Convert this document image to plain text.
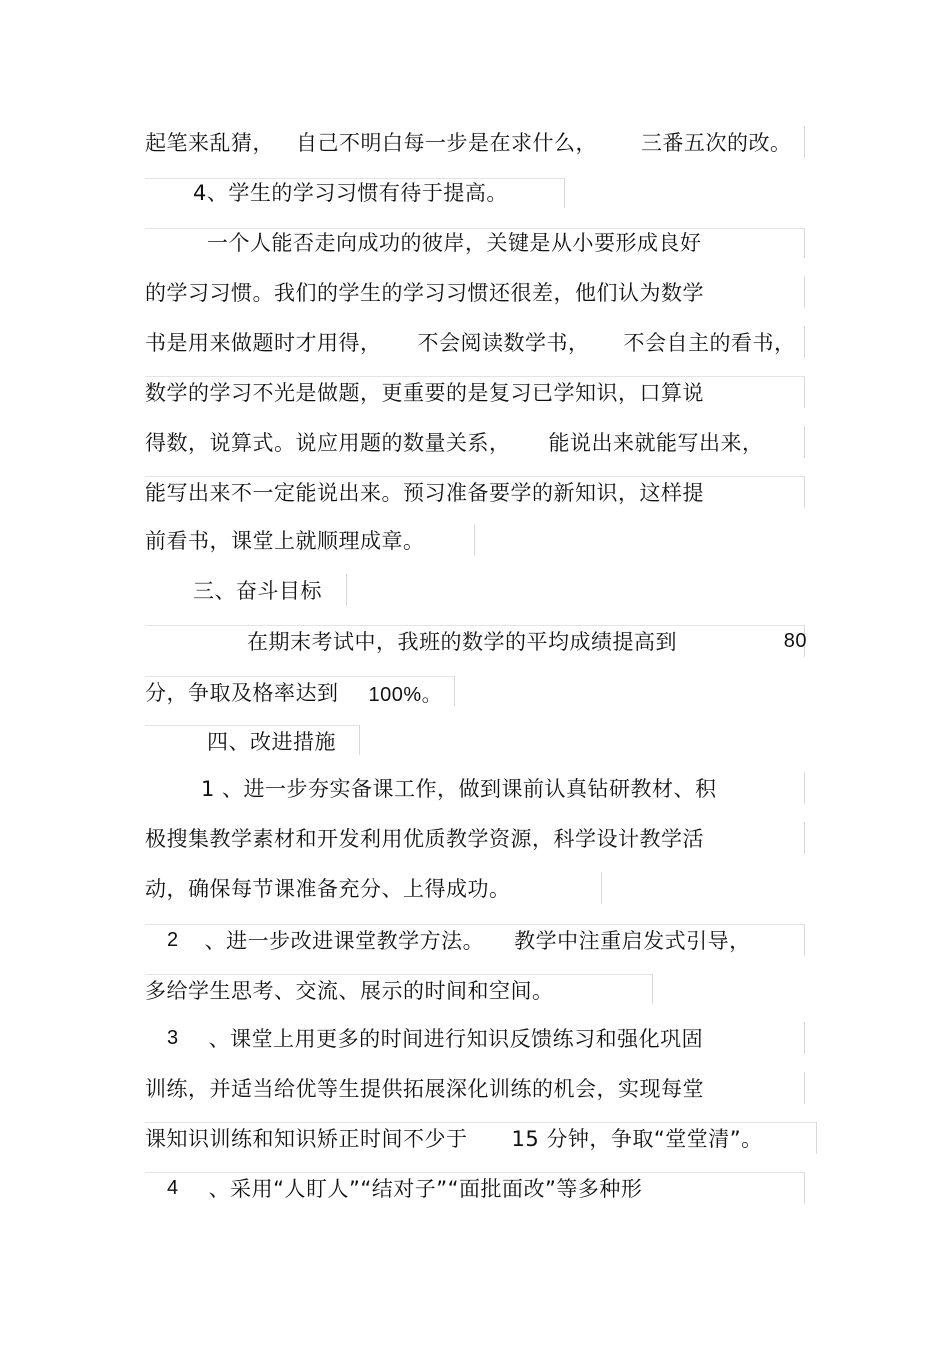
起笔来乱猜， 自己不明白每一步是在求什么， 三番五次的改。
4、学生的学习习惯有待于提高。
一个人能否走向成功的彼岸，关键是从小要形成良好
的学习习惯。我们的学生的学习习惯还很差，他们认为数学
书是用来做题时才用得， 不会阅读数学书， 不会自主的看书，
数学的学习不光是做题，更重要的是复习已学知识，口算说
得数，说算式。说应用题的数量关系， 能说出来就能写出来，
能写出来不一定能说出来。预习准备要学的新知识，这样提
前看书，课堂上就顺理成章。
三、奋斗目标
在期末考试中，我班的数学的平均成绩提高到	80
分，争取及格率达到 100%。
四、改进措施
1 、进一步夯实备课工作，做到课前认真钻研教材、积
极搜集教学素材和开发利用优质教学资源，科学设计教学活
动，确保每节课准备充分、上得成功。
2 、进一步改进课堂教学方法。 教学中注重启发式引导，
多给学生思考、交流、展示的时间和空间。
3 、课堂上用更多的时间进行知识反馈练习和强化巩固
训练，并适当给优等生提供拓展深化训练的机会，实现每堂
课知识训练和知识矫正时间不少于 15 分钟，争取“堂堂清”。
4 、采用“人盯人”“结对子”“面批面改”等多种形
